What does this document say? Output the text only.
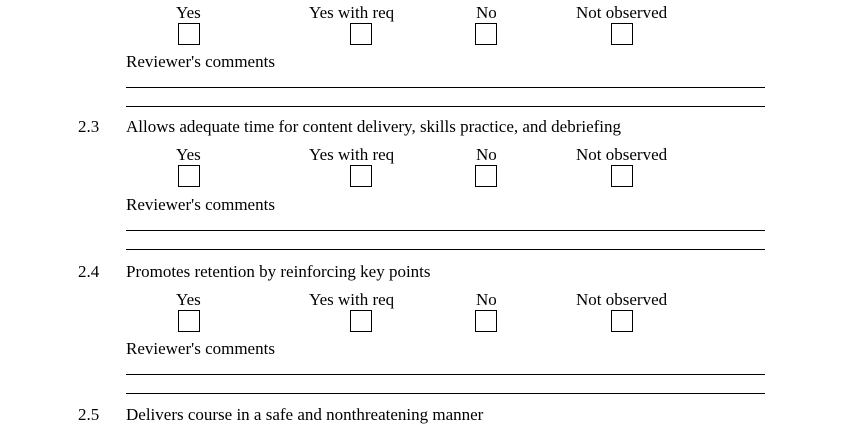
Yes	Yes with req	No	Not observed
Reviewer's comments
2.3 Allows adequate time for content delivery, skills practice, and debriefing
Yes	Yes with req	No	Not observed
Reviewer's comments
2.4 Promotes retention by reinforcing key points
Yes	Yes with req	No	Not observed
Reviewer's comments
2.5 Delivers course in a safe and nonthreatening manner
